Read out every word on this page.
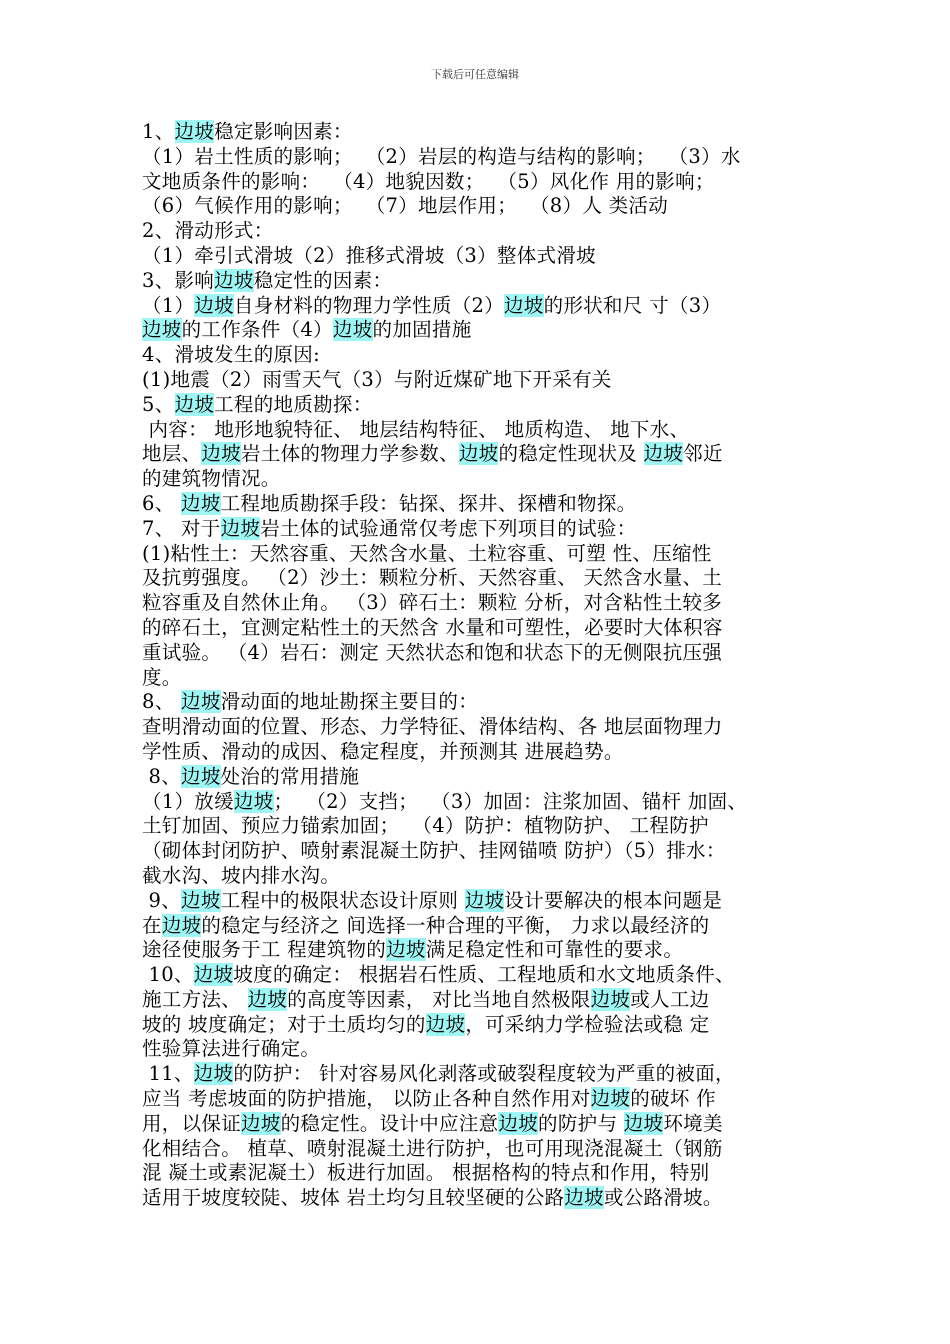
下载后可任意编辑
1、边坡稳定影响因素：
（1）岩土性质的影响；  （2）岩层的构造与结构的影响；  （3）水
文地质条件的影响：  （4）地貌因数；  （5）风化作 用的影响；
（6）气候作用的影响；  （7）地层作用；  （8）人 类活动
2、滑动形式：
（1）牵引式滑坡（2）推移式滑坡（3）整体式滑坡
3、影响边坡稳定性的因素：
（1）边坡自身材料的物理力学性质（2）边坡的形状和尺 寸（3）
边坡的工作条件（4）边坡的加固措施
4、滑坡发生的原因:
(1)地震（2）雨雪天气（3）与附近煤矿地下开采有关
5、边坡工程的地质勘探：
内容： 地形地貌特征、 地层结构特征、 地质构造、 地下水、
地层、边坡岩土体的物理力学参数、边坡的稳定性现状及 边坡邻近
的建筑物情况。
6、 边坡工程地质勘探手段：钻探、探井、探槽和物探。
7、 对于边坡岩土体的试验通常仅考虑下列项目的试验：
(1)粘性土：天然容重、天然含水量、土粒容重、可塑 性、压缩性
及抗剪强度。 （2）沙土：颗粒分析、天然容重、 天然含水量、土
粒容重及自然休止角。 （3）碎石土：颗粒 分析，对含粘性土较多
的碎石土，宜测定粘性土的天然含 水量和可塑性，必要时大体积容
重试验。 （4）岩石：测定 天然状态和饱和状态下的无侧限抗压强
度。
8、 边坡滑动面的地址勘探主要目的：
查明滑动面的位置、形态、力学特征、滑体结构、各 地层面物理力
学性质、滑动的成因、稳定程度，并预测其 进展趋势。
8、边坡处治的常用措施
（1）放缓边坡；  （2）支挡；  （3）加固：注浆加固、锚杆 加固、
土钉加固、预应力锚索加固；  （4）防护：植物防护、 工程防护
（砌体封闭防护、喷射素混凝土防护、挂网锚喷 防护）（5）排水：
截水沟、坡内排水沟。
9、边坡工程中的极限状态设计原则 边坡设计要解决的根本问题是
在边坡的稳定与经济之 间选择一种合理的平衡， 力求以最经济的
途径使服务于工 程建筑物的边坡满足稳定性和可靠性的要求。
10、边坡坡度的确定： 根据岩石性质、工程地质和水文地质条件、
施工方法、 边坡的高度等因素， 对比当地自然极限边坡或人工边
坡的 坡度确定；对于土质均匀的边坡，可采纳力学检验法或稳 定
性验算法进行确定。
11、边坡的防护： 针对容易风化剥落或破裂程度较为严重的被面，
应当 考虑坡面的防护措施， 以防止各种自然作用对边坡的破坏 作
用，以保证边坡的稳定性。设计中应注意边坡的防护与 边坡环境美
化相结合。 植草、喷射混凝土进行防护，也可用现浇混凝土（钢筋
混 凝土或素泥凝土）板进行加固。 根据格构的特点和作用，特别
适用于坡度较陡、坡体 岩土均匀且较坚硬的公路边坡或公路滑坡。
